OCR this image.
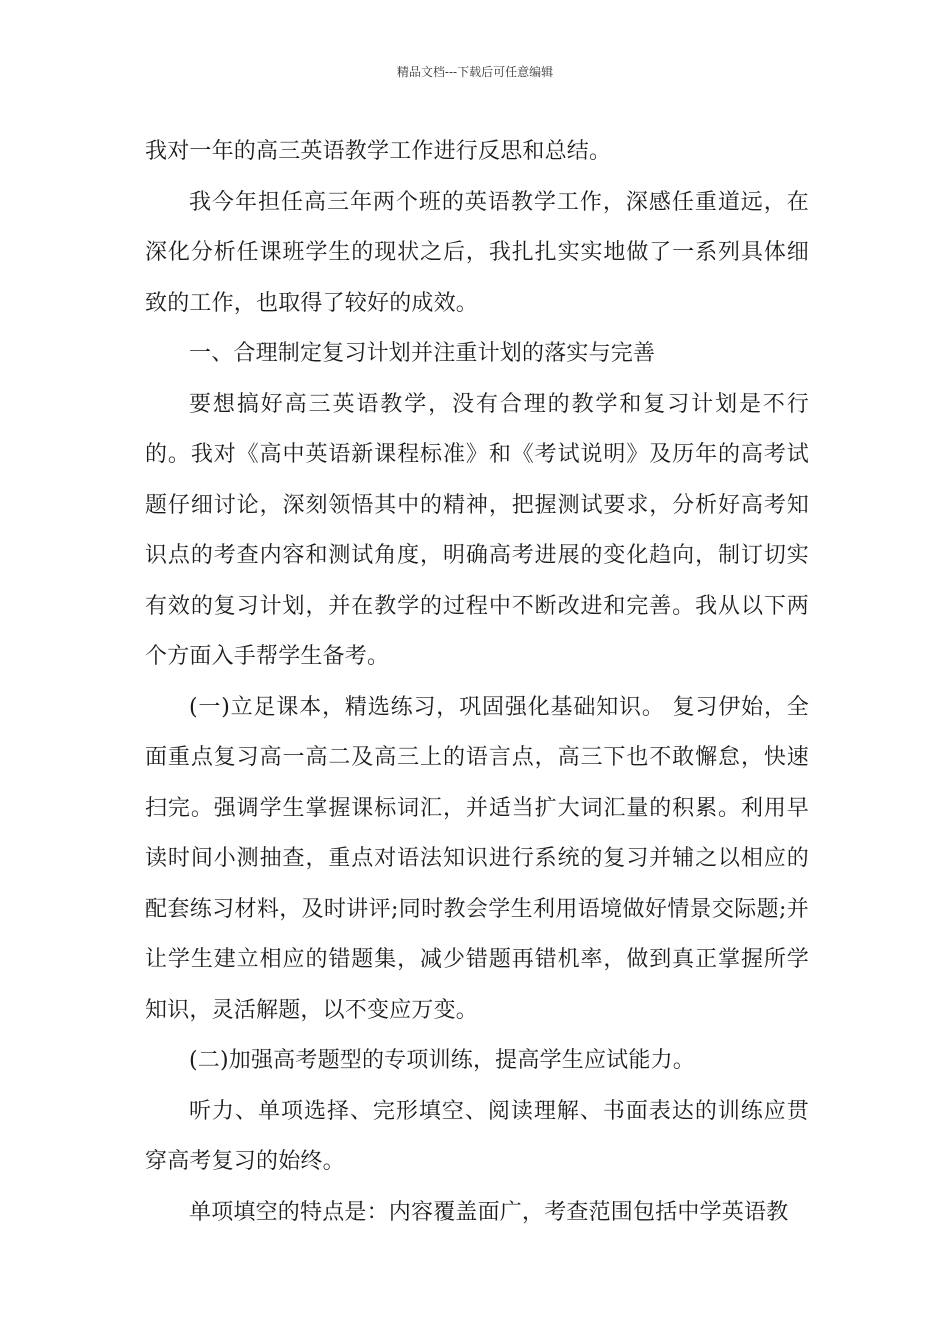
精品文档---下载后可任意编辑

我对一年的高三英语教学工作进行反思和总结。

我今年担任高三年两个班的英语教学工作，深感任重道远，在深化分析任课班学生的现状之后，我扎扎实实地做了一系列具体细致的工作，也取得了较好的成效。

一、合理制定复习计划并注重计划的落实与完善

要想搞好高三英语教学，没有合理的教学和复习计划是不行的。我对《高中英语新课程标准》和《考试说明》及历年的高考试题仔细讨论，深刻领悟其中的精神，把握测试要求，分析好高考知识点的考查内容和测试角度，明确高考进展的变化趋向，制订切实有效的复习计划，并在教学的过程中不断改进和完善。我从以下两个方面入手帮学生备考。

(一)立足课本，精选练习，巩固强化基础知识。 复习伊始，全面重点复习高一高二及高三上的语言点，高三下也不敢懈怠，快速扫完。强调学生掌握课标词汇，并适当扩大词汇量的积累。利用早读时间小测抽查，重点对语法知识进行系统的复习并辅之以相应的配套练习材料，及时讲评;同时教会学生利用语境做好情景交际题;并让学生建立相应的错题集，减少错题再错机率，做到真正掌握所学知识，灵活解题，以不变应万变。

(二)加强高考题型的专项训练，提高学生应试能力。

听力、单项选择、完形填空、阅读理解、书面表达的训练应贯穿高考复习的始终。

单项填空的特点是：内容覆盖面广，考查范围包括中学英语教
